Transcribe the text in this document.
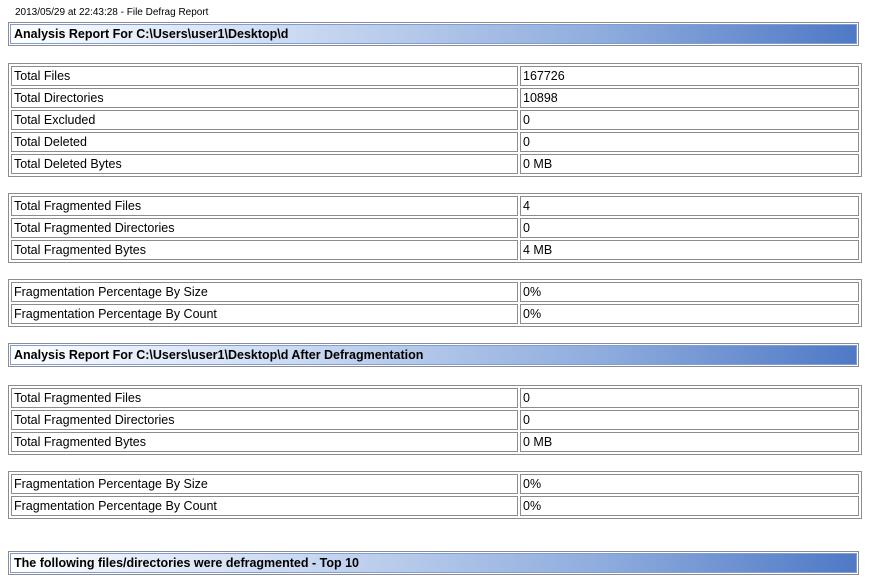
2013/05/29 at 22:43:28 - File Defrag Report
Analysis Report For C:\Users\user1\Desktop\d
Total Files	167726
Total Directories	10898
Total Excluded	0
Total Deleted	0
Total Deleted Bytes	0 MB
Total Fragmented Files	4
Total Fragmented Directories	0
Total Fragmented Bytes	4 MB
Fragmentation Percentage By Size	0%
Fragmentation Percentage By Count	0%
Analysis Report For C:\Users\user1\Desktop\d After Defragmentation
Total Fragmented Files	0
Total Fragmented Directories	0
Total Fragmented Bytes	0 MB
Fragmentation Percentage By Size	0%
Fragmentation Percentage By Count	0%
The following files/directories were defragmented - Top 10
